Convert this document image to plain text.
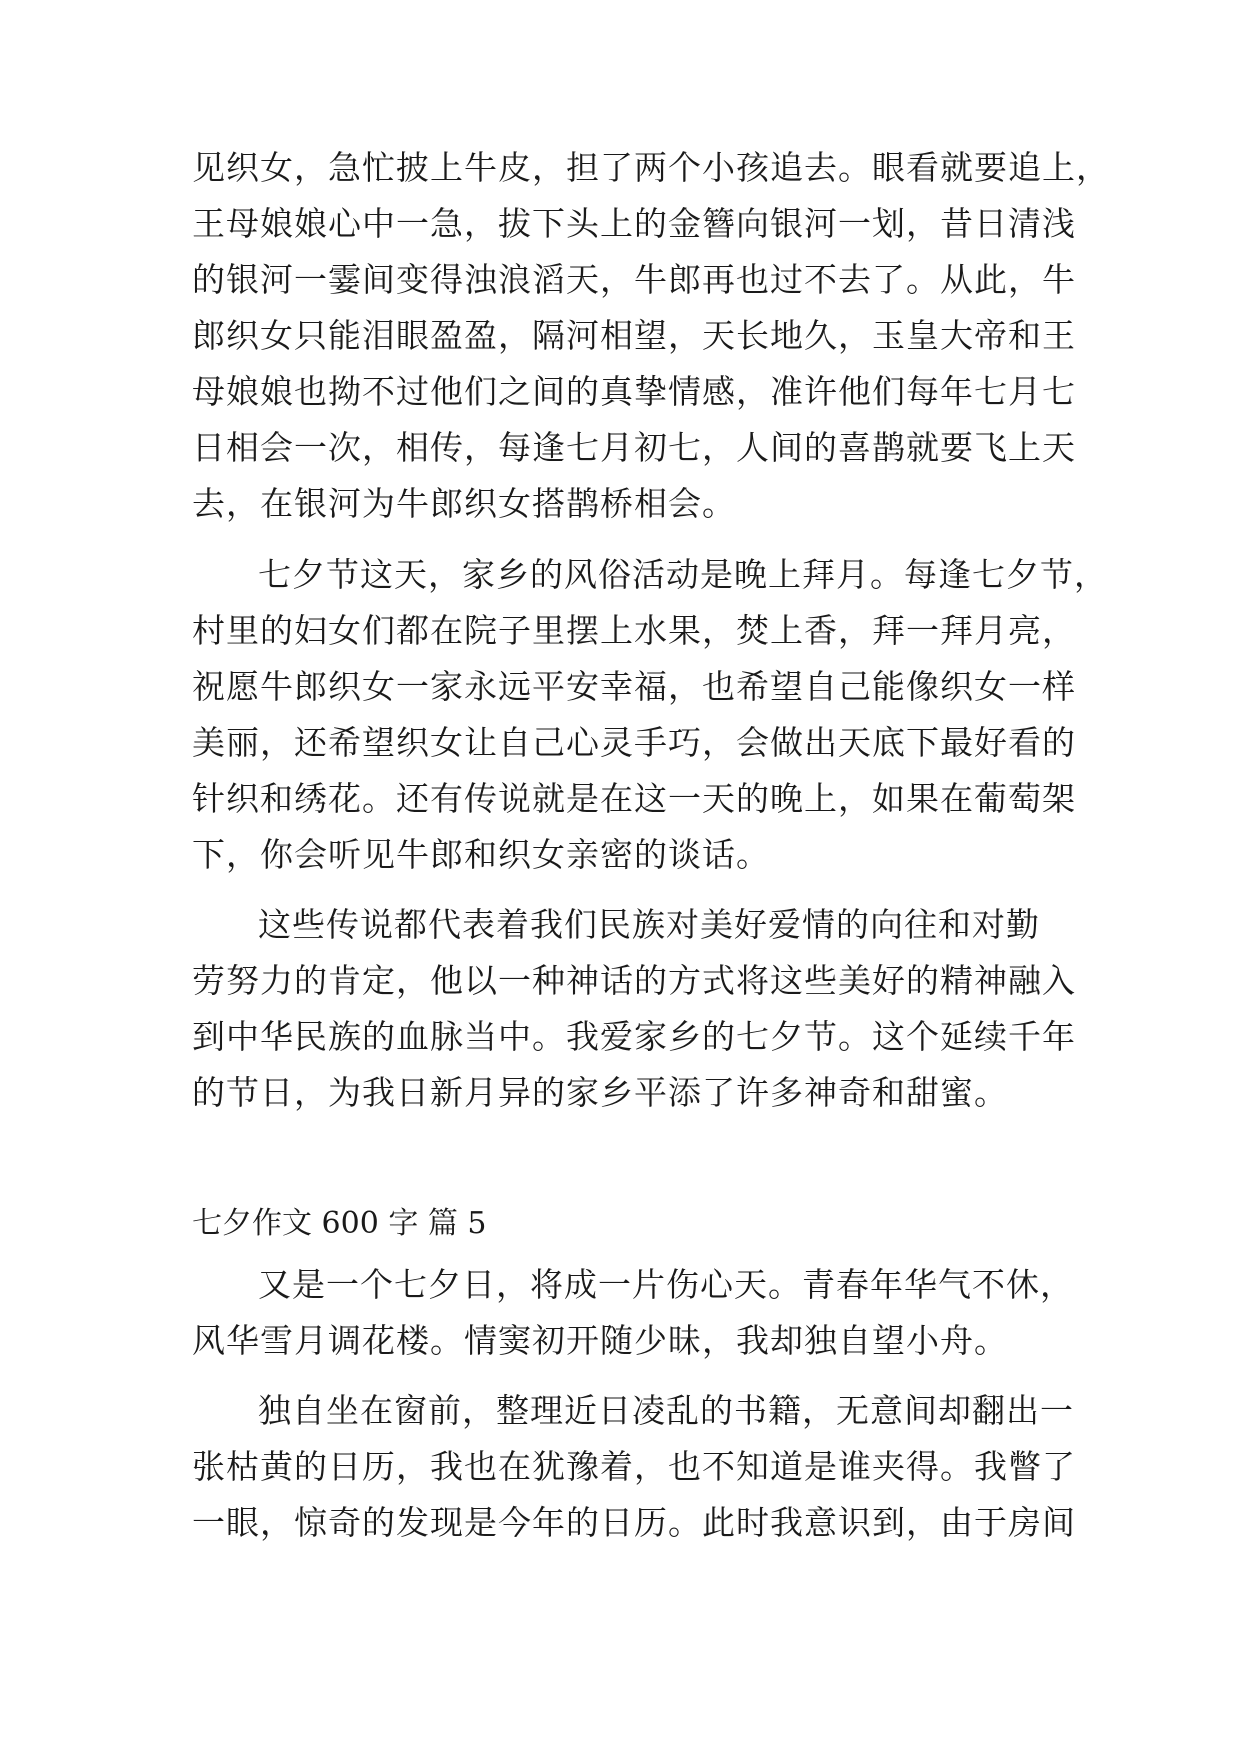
见织女，急忙披上牛皮，担了两个小孩追去。眼看就要追上，
王母娘娘心中一急，拔下头上的金簪向银河一划，昔日清浅
的银河一霎间变得浊浪滔天，牛郎再也过不去了。从此，牛
郎织女只能泪眼盈盈，隔河相望，天长地久，玉皇大帝和王
母娘娘也拗不过他们之间的真挚情感，准许他们每年七月七
日相会一次，相传，每逢七月初七，人间的喜鹊就要飞上天
去，在银河为牛郎织女搭鹊桥相会。
七夕节这天，家乡的风俗活动是晚上拜月。每逢七夕节，
村里的妇女们都在院子里摆上水果，焚上香，拜一拜月亮，
祝愿牛郎织女一家永远平安幸福，也希望自己能像织女一样
美丽，还希望织女让自己心灵手巧，会做出天底下最好看的
针织和绣花。还有传说就是在这一天的晚上，如果在葡萄架
下，你会听见牛郎和织女亲密的谈话。
这些传说都代表着我们民族对美好爱情的向往和对勤
劳努力的肯定，他以一种神话的方式将这些美好的精神融入
到中华民族的血脉当中。我爱家乡的七夕节。这个延续千年
的节日，为我日新月异的家乡平添了许多神奇和甜蜜。
七夕作文 600 字 篇 5
又是一个七夕日，将成一片伤心天。青春年华气不休，
风华雪月调花楼。情窦初开随少昧，我却独自望小舟。
独自坐在窗前，整理近日凌乱的书籍，无意间却翻出一
张枯黄的日历，我也在犹豫着，也不知道是谁夹得。我瞥了
一眼，惊奇的发现是今年的日历。此时我意识到，由于房间
